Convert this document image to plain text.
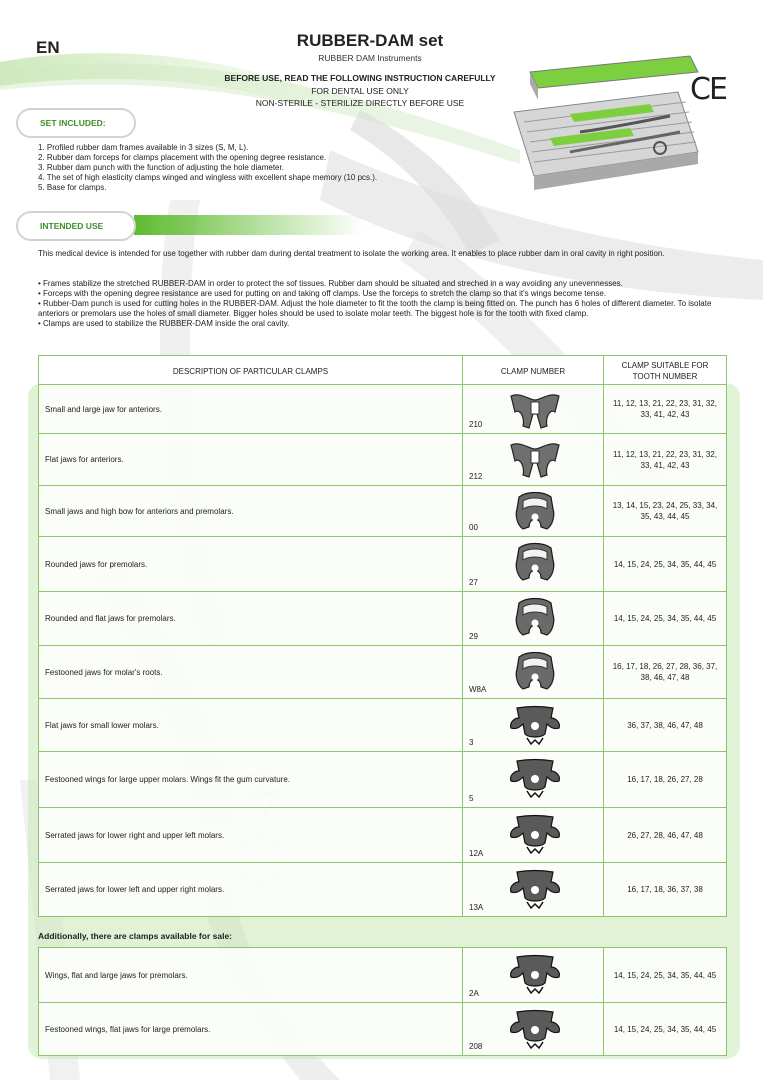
EN	RUBBER-DAM set
RUBBER DAM Instruments
BEFORE USE, READ THE FOLLOWING INSTRUCTION CAREFULLY
FOR DENTAL USE ONLY
NON-STERILE - STERILIZE DIRECTLY BEFORE USE	CE
SET INCLUDED:
1. Profiled rubber dam frames available in 3 sizes (S, M, L).
2. Rubber dam forceps for clamps placement with the opening degree resistance.
3. Rubber dam punch with the function of adjusting the hole diameter.
4. The set of high elasticity clamps winged and wingless with excellent shape memory (10 pcs.).
5. Base for clamps.
INTENDED USE
This medical device is intended for use together with rubber dam during dental treatment to isolate the working area. It enables to place rubber dam in oral cavity in right position.
• Frames stabilize the stretched RUBBER-DAM in order to protect the sof tissues. Rubber dam should be situated and streched in a way avoiding any unevennesses.
• Forceps with the opening degree resistance are used for putting on and taking off clamps. Use the forceps to stretch the clamp so that it's wings become tense.
• Rubber-Dam punch is used for cutting holes in the RUBBER-DAM. Adjust the hole diameter to fit the tooth the clamp is being fitted on. The punch has 6 holes of different diameter. To isolate anteriors or premolars use the holes of small diameter. Bigger holes should be used to isolate molar teeth. The biggest hole is for the tooth with fixed clamp.
• Clamps are used to stabilize the RUBBER-DAM inside the oral cavity.
DESCRIPTION OF PARTICULAR CLAMPS	CLAMP NUMBER	CLAMP SUITABLE FOR TOOTH NUMBER
Small and large jaw for anteriors.	210	11, 12, 13, 21, 22, 23, 31, 32, 33, 41, 42, 43
Flat jaws for anteriors.	212	11, 12, 13, 21, 22, 23, 31, 32, 33, 41, 42, 43
Small jaws and high bow for anteriors and premolars.	00	13, 14, 15, 23, 24, 25, 33, 34, 35, 43, 44, 45
Rounded jaws for premolars.	27	14, 15, 24, 25, 34, 35, 44, 45
Rounded and flat jaws for premolars.	29	14, 15, 24, 25, 34, 35, 44, 45
Festooned jaws for molar's roots.	W8A	16, 17, 18, 26, 27, 28, 36, 37, 38, 46, 47, 48
Flat jaws for small lower molars.	3	36, 37, 38, 46, 47, 48
Festooned wings for large upper molars. Wings fit the gum curvature.	5	16, 17, 18, 26, 27, 28
Serrated jaws for lower right and upper left molars.	12A	26, 27, 28, 46, 47, 48
Serrated jaws for lower left and upper right molars.	13A	16, 17, 18, 36, 37, 38
Additionally, there are clamps available for sale:
Wings, flat and large jaws for premolars.	2A	14, 15, 24, 25, 34, 35, 44, 45
Festooned wings, flat jaws for large premolars.	208	14, 15, 24, 25, 34, 35, 44, 45
